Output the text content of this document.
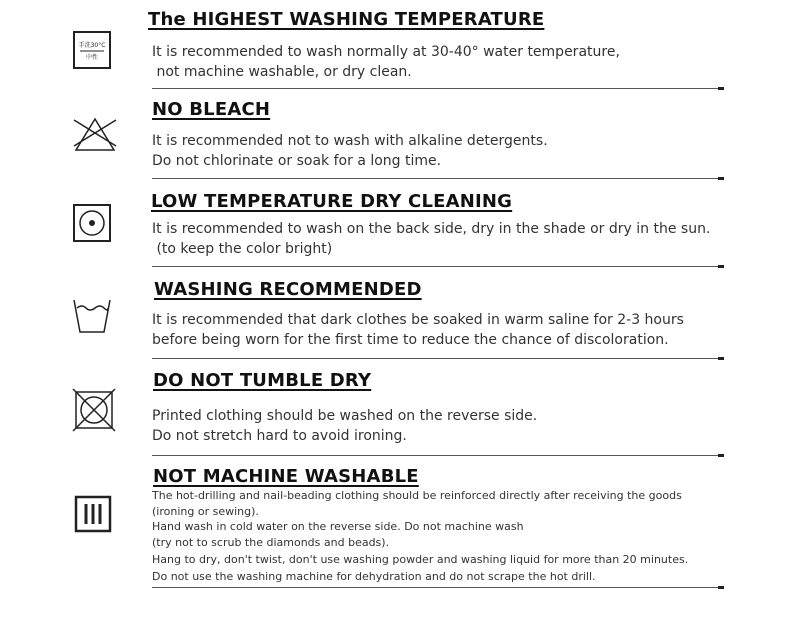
手洗30°C
中性
The HIGHEST WASHING TEMPERATURE
It is recommended to wash normally at 30-40° water temperature,
not machine washable, or dry clean.
NO BLEACH
It is recommended not to wash with alkaline detergents.
Do not chlorinate or soak for a long time.
LOW TEMPERATURE DRY CLEANING
It is recommended to wash on the back side, dry in the shade or dry in the sun.
(to keep the color bright)
WASHING RECOMMENDED
It is recommended that dark clothes be soaked in warm saline for 2-3 hours
before being worn for the first time to reduce the chance of discoloration.
DO NOT TUMBLE DRY
Printed clothing should be washed on the reverse side.
Do not stretch hard to avoid ironing.
NOT MACHINE WASHABLE
The hot-drilling and nail-beading clothing should be reinforced directly after receiving the goods
(ironing or sewing).
Hand wash in cold water on the reverse side. Do not machine wash
(try not to scrub the diamonds and beads).
Hang to dry, don't twist, don't use washing powder and washing liquid for more than 20 minutes.
Do not use the washing machine for dehydration and do not scrape the hot drill.
